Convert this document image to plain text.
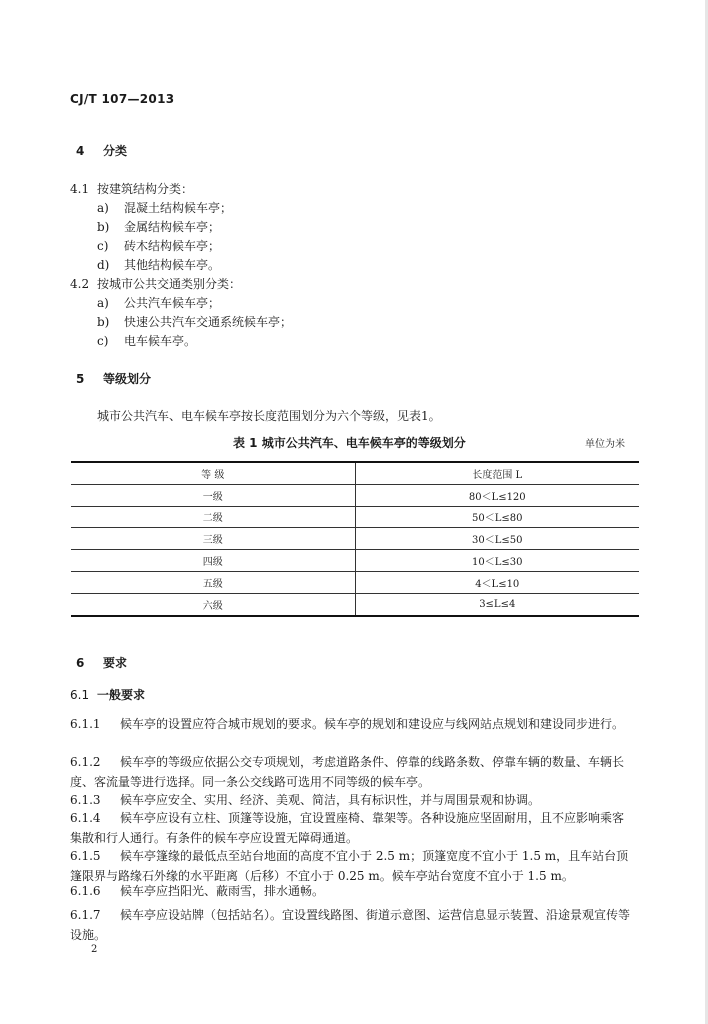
CJ/T 107—2013
4 分类
4.1 按建筑结构分类：
a) 混凝土结构候车亭；
b) 金属结构候车亭；
c) 砖木结构候车亭；
d) 其他结构候车亭。
4.2 按城市公共交通类别分类：
a) 公共汽车候车亭；
b) 快速公共汽车交通系统候车亭；
c) 电车候车亭。
5 等级划分
城市公共汽车、电车候车亭按长度范围划分为六个等级，见表1。
表 1 城市公共汽车、电车候车亭的等级划分	单位为米
等 级	长度范围 L
一级	80＜L≤120
二级	50＜L≤80
三级	30＜L≤50
四级	10＜L≤30
五级	4＜L≤10
六级	3≤L≤4
6 要求
6.1 一般要求
6.1.1 候车亭的设置应符合城市规划的要求。候车亭的规划和建设应与线网站点规划和建设同步进行。
6.1.2 候车亭的等级应依据公交专项规划，考虑道路条件、停靠的线路条数、停靠车辆的数量、车辆长度、客流量等进行选择。同一条公交线路可选用不同等级的候车亭。
6.1.3 候车亭应安全、实用、经济、美观、简洁，具有标识性，并与周围景观和协调。
6.1.4 候车亭应设有立柱、顶篷等设施，宜设置座椅、靠架等。各种设施应坚固耐用，且不应影响乘客集散和行人通行。有条件的候车亭应设置无障碍通道。
6.1.5 候车亭篷缘的最低点至站台地面的高度不宜小于 2.5 m；顶篷宽度不宜小于 1.5 m，且车站台顶篷限界与路缘石外缘的水平距离（后移）不宜小于 0.25 m。候车亭站台宽度不宜小于 1.5 m。
6.1.6 候车亭应挡阳光、蔽雨雪，排水通畅。
6.1.7 候车亭应设站牌（包括站名）。宜设置线路图、街道示意图、运营信息显示装置、沿途景观宣传等设施。
2
